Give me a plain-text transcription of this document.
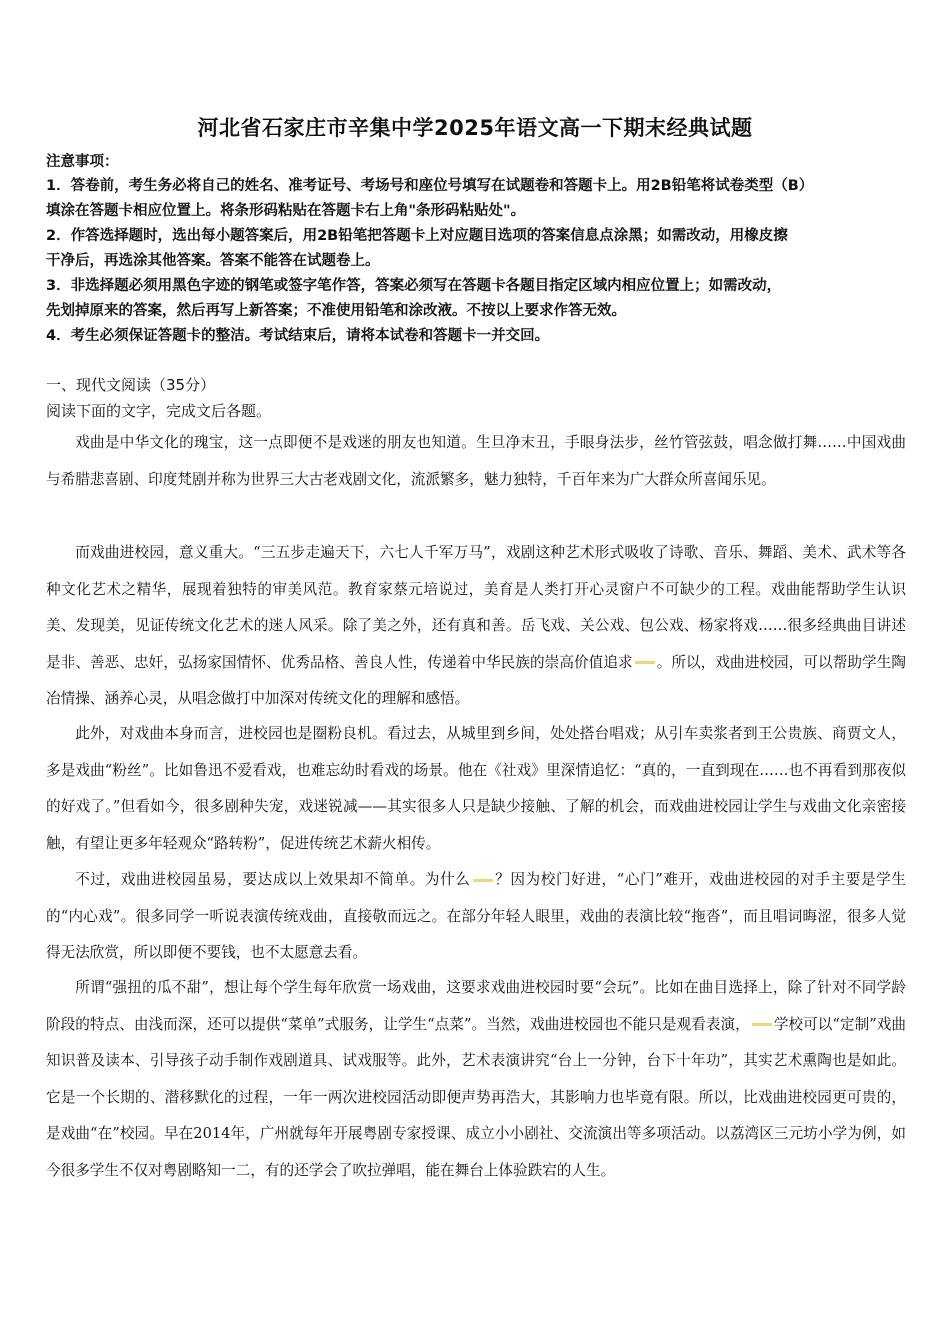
河北省石家庄市辛集中学2025年语文高一下期末经典试题
注意事项：
1．答卷前，考生务必将自己的姓名、准考证号、考场号和座位号填写在试题卷和答题卡上。用2B铅笔将试卷类型（B）
填涂在答题卡相应位置上。将条形码粘贴在答题卡右上角"条形码粘贴处"。
2．作答选择题时，选出每小题答案后，用2B铅笔把答题卡上对应题目选项的答案信息点涂黑；如需改动，用橡皮擦
干净后，再选涂其他答案。答案不能答在试题卷上。
3．非选择题必须用黑色字迹的钢笔或签字笔作答，答案必须写在答题卡各题目指定区域内相应位置上；如需改动，
先划掉原来的答案，然后再写上新答案；不准使用铅笔和涂改液。不按以上要求作答无效。
4．考生必须保证答题卡的整洁。考试结束后，请将本试卷和答题卡一并交回。
一、现代文阅读（35分）
阅读下面的文字，完成文后各题。
戏曲是中华文化的瑰宝，这一点即便不是戏迷的朋友也知道。生旦净末丑，手眼身法步，丝竹管弦鼓，唱念做打舞……中国戏曲与希腊悲喜剧、印度梵剧并称为世界三大古老戏剧文化，流派繁多，魅力独特，千百年来为广大群众所喜闻乐见。
而戏曲进校园，意义重大。“三五步走遍天下，六七人千军万马”，戏剧这种艺术形式吸收了诗歌、音乐、舞蹈、美术、武术等各种文化艺术之精华，展现着独特的审美风范。教育家蔡元培说过，美育是人类打开心灵窗户不可缺少的工程。戏曲能帮助学生认识美、发现美，见证传统文化艺术的迷人风采。除了美之外，还有真和善。岳飞戏、关公戏、包公戏、杨家将戏……很多经典曲目讲述是非、善恶、忠奸，弘扬家国情怀、优秀品格、善良人性，传递着中华民族的崇高价值追求 。所以，戏曲进校园，可以帮助学生陶冶情操、涵养心灵，从唱念做打中加深对传统文化的理解和感悟。
此外，对戏曲本身而言，进校园也是圈粉良机。看过去，从城里到乡间，处处搭台唱戏；从引车卖浆者到王公贵族、商贾文人，多是戏曲“粉丝”。比如鲁迅不爱看戏，也难忘幼时看戏的场景。他在《社戏》里深情追忆：“真的，一直到现在……也不再看到那夜似的好戏了。”但看如今，很多剧种失宠，戏迷锐减——其实很多人只是缺少接触、了解的机会，而戏曲进校园让学生与戏曲文化亲密接触，有望让更多年轻观众“路转粉”，促进传统艺术薪火相传。
不过，戏曲进校园虽易，要达成以上效果却不简单。为什么 ？因为校门好进，“心门”难开，戏曲进校园的对手主要是学生的“内心戏”。很多同学一听说表演传统戏曲，直接敬而远之。在部分年轻人眼里，戏曲的表演比较“拖沓”，而且唱词晦涩，很多人觉得无法欣赏，所以即便不要钱，也不太愿意去看。
所谓“强扭的瓜不甜”，想让每个学生每年欣赏一场戏曲，这要求戏曲进校园时要“会玩”。比如在曲目选择上，除了针对不同学龄阶段的特点、由浅而深，还可以提供“菜单”式服务，让学生“点菜”。当然，戏曲进校园也不能只是观看表演， 学校可以“定制”戏曲知识普及读本、引导孩子动手制作戏剧道具、试戏服等。此外，艺术表演讲究“台上一分钟，台下十年功”，其实艺术熏陶也是如此。它是一个长期的、潜移默化的过程，一年一两次进校园活动即便声势再浩大，其影响力也毕竟有限。所以，比戏曲进校园更可贵的，是戏曲“在”校园。早在2014年，广州就每年开展粤剧专家授课、成立小小剧社、交流演出等多项活动。以荔湾区三元坊小学为例，如今很多学生不仅对粤剧略知一二，有的还学会了吹拉弹唱，能在舞台上体验跌宕的人生。
